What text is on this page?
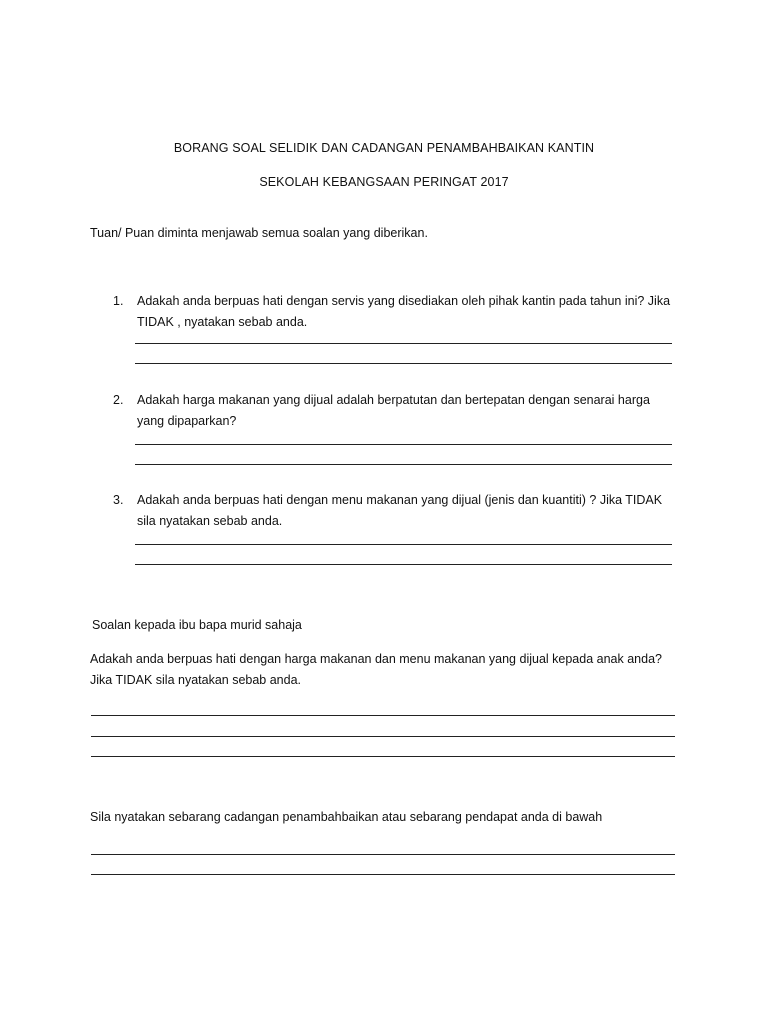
BORANG SOAL SELIDIK DAN CADANGAN PENAMBAHBAIKAN KANTIN
SEKOLAH KEBANGSAAN PERINGAT 2017
Tuan/ Puan diminta menjawab semua soalan yang diberikan.
1. Adakah anda berpuas hati dengan servis yang disediakan oleh pihak kantin pada tahun ini? Jika TIDAK , nyatakan sebab anda.
2. Adakah harga makanan yang dijual adalah berpatutan dan bertepatan dengan senarai harga yang dipaparkan?
3. Adakah anda berpuas hati dengan menu makanan yang dijual (jenis dan kuantiti) ? Jika TIDAK sila nyatakan sebab anda.
Soalan kepada ibu bapa murid sahaja
Adakah anda berpuas hati dengan harga makanan dan menu makanan yang dijual kepada anak anda? Jika TIDAK sila nyatakan sebab anda.
Sila nyatakan sebarang cadangan penambahbaikan atau sebarang pendapat anda di bawah
